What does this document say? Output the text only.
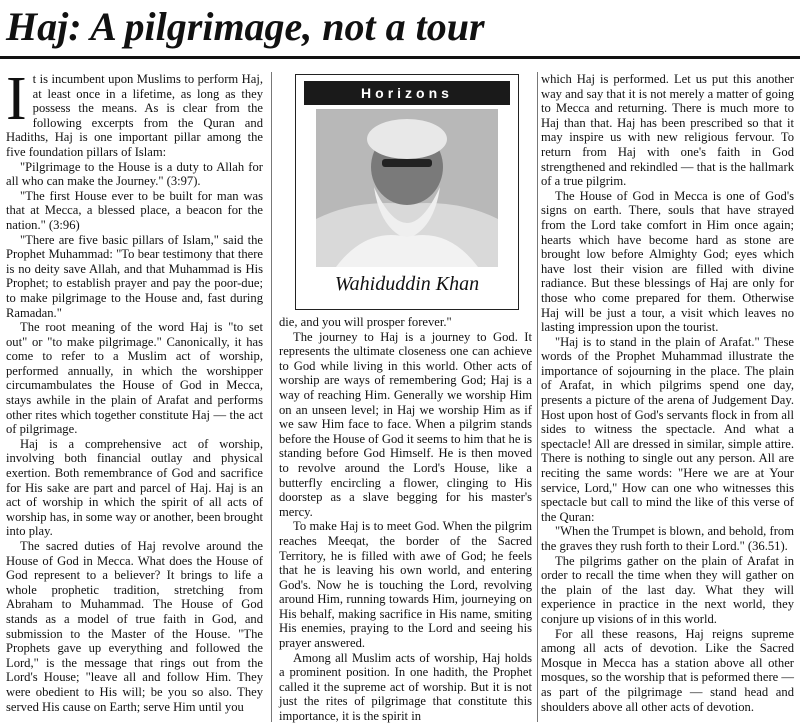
Haj: A pilgrimage, not a tour

It is incumbent upon Muslims to perform Haj, at least once in a lifetime, as long as they possess the means. As is clear from the following excerpts from the Quran and Hadiths, Haj is one important pillar among the five foundation pillars of Islam:

"Pilgrimage to the House is a duty to Allah for all who can make the Journey." (3:97).

"The first House ever to be built for man was that at Mecca, a blessed place, a beacon for the nation." (3:96)

"There are five basic pillars of Islam," said the Prophet Muhammad: "To bear testimony that there is no deity save Allah, and that Muhammad is His Prophet; to establish prayer and pay the poor-due; to make pilgrimage to the House and, fast during Ramadan."

The root meaning of the word Haj is "to set out" or "to make pilgrimage." Canonically, it has come to refer to a Muslim act of worship, performed annually, in which the worshipper circumambulates the House of God in Mecca, stays awhile in the plain of Arafat and performs other rites which together constitute Haj — the act of pilgrimage.

Haj is a comprehensive act of worship, involving both financial outlay and physical exertion. Both remembrance of God and sacrifice for His sake are part and parcel of Haj. Haj is an act of worship in which the spirit of all acts of worship has, in some way or another, been brought into play.

The sacred duties of Haj revolve around the House of God in Mecca. What does the House of God represent to a believer? It brings to life a whole prophetic tradition, stretching from Abraham to Muhammad. The House of God stands as a model of true faith in God, and submission to the Master of the House. "The Prophets gave up everything and followed the Lord," is the message that rings out from the Lord's House; "leave all and follow Him. They were obedient to His will; be you so also. They served His cause on Earth; serve Him until you

Horizons
Wahiduddin Khan

die, and you will prosper forever."

The journey to Haj is a journey to God. It represents the ultimate closeness one can achieve to God while living in this world. Other acts of worship are ways of remembering God; Haj is a way of reaching Him. Generally we worship Him on an unseen level; in Haj we worship Him as if we saw Him face to face. When a pilgrim stands before the House of God it seems to him that he is standing before God Himself. He is then moved to revolve around the Lord's House, like a butterfly encircling a flower, clinging to His doorstep as a slave begging for his master's mercy.

To make Haj is to meet God. When the pilgrim reaches Meeqat, the border of the Sacred Territory, he is filled with awe of God; he feels that he is leaving his own world, and entering God's. Now he is touching the Lord, revolving around Him, running towards Him, journeying on His behalf, making sacrifice in His name, smiting His enemies, praying to the Lord and seeing his prayer answered.

Among all Muslim acts of worship, Haj holds a prominent position. In one hadith, the Prophet called it the supreme act of worship. But it is not just the rites of pilgrimage that constitute this importance, it is the spirit in

which Haj is performed. Let us put this another way and say that it is not merely a matter of going to Mecca and returning. There is much more to Haj than that. Haj has been prescribed so that it may inspire us with new religious fervour. To return from Haj with one's faith in God strengthened and rekindled — that is the hallmark of a true pilgrim.

The House of God in Mecca is one of God's signs on earth. There, souls that have strayed from the Lord take comfort in Him once again; hearts which have become hard as stone are brought low before Almighty God; eyes which have lost their vision are filled with divine radiance. But these blessings of Haj are only for those who come prepared for them. Otherwise Haj will be just a tour, a visit which leaves no lasting impression upon the tourist.

"Haj is to stand in the plain of Arafat." These words of the Prophet Muhammad illustrate the importance of sojourning in the place. The plain of Arafat, in which pilgrims spend one day, presents a picture of the arena of Judgement Day. Host upon host of God's servants flock in from all sides to witness the spectacle. And what a spectacle! All are dressed in similar, simple attire. There is nothing to single out any person. All are reciting the same words: "Here we are at Your service, Lord," How can one who witnesses this spectacle but call to mind the like of this verse of the Quran:

"When the Trumpet is blown, and behold, from the graves they rush forth to their Lord." (36.51).

The pilgrims gather on the plain of Arafat in order to recall the time when they will gather on the plain of the last day. What they will experience in practice in the next world, they conjure up visions of in this world.

For all these reasons, Haj reigns supreme among all acts of devotion. Like the Sacred Mosque in Mecca has a station above all other mosques, so the worship that is peformed there — as part of the pilgrimage — stand head and shoulders above all other acts of devotion.
